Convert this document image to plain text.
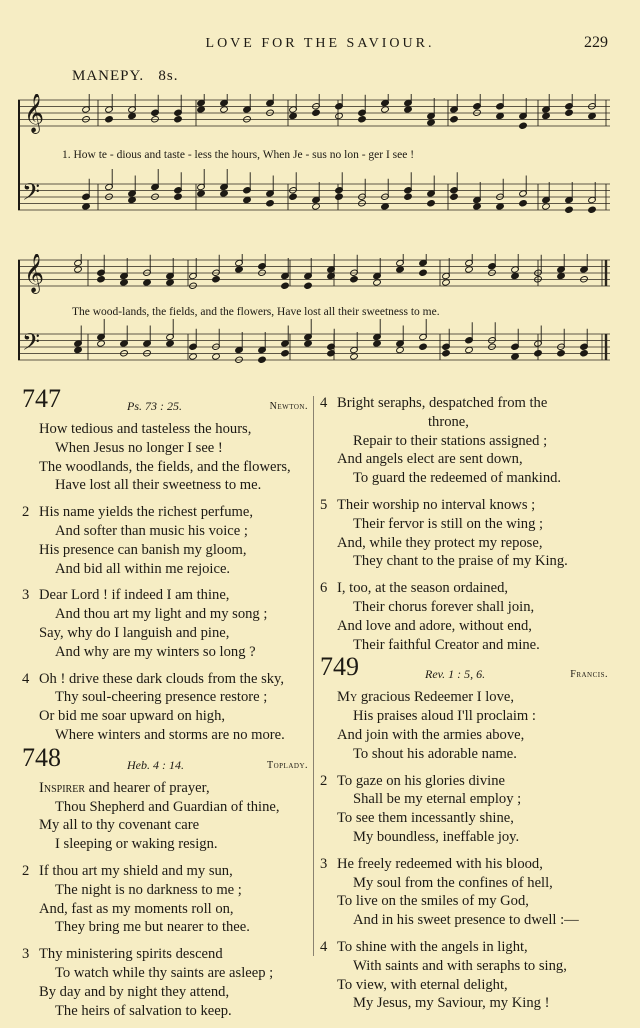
LOVE FOR THE SAVIOUR.	229
MANEPY. 8s.
𝄞
𝄢
1. How te - dious and taste - less the hours, When Je - sus no lon - ger I see !
𝄞
𝄢
The wood-lands, the fields, and the flowers, Have lost all their sweetness to me.
747	Ps. 73 : 25.	Newton.
How tedious and tasteless the hours,
When Jesus no longer I see !
The woodlands, the fields, and the flowers,
Have lost all their sweetness to me.
2 His name yields the richest perfume,
And softer than music his voice ;
His presence can banish my gloom,
And bid all within me rejoice.
3 Dear Lord ! if indeed I am thine,
And thou art my light and my song ;
Say, why do I languish and pine,
And why are my winters so long ?
4 Oh ! drive these dark clouds from the sky,
Thy soul-cheering presence restore ;
Or bid me soar upward on high,
Where winters and storms are no more.
748	Heb. 4 : 14.	Toplady.
Inspirer and hearer of prayer,
Thou Shepherd and Guardian of thine,
My all to thy covenant care
I sleeping or waking resign.
2 If thou art my shield and my sun,
The night is no darkness to me ;
And, fast as my moments roll on,
They bring me but nearer to thee.
3 Thy ministering spirits descend
To watch while thy saints are asleep ;
By day and by night they attend,
The heirs of salvation to keep.
4 Bright seraphs, despatched from the
throne,
Repair to their stations assigned ;
And angels elect are sent down,
To guard the redeemed of mankind.
5 Their worship no interval knows ;
Their fervor is still on the wing ;
And, while they protect my repose,
They chant to the praise of my King.
6 I, too, at the season ordained,
Their chorus forever shall join,
And love and adore, without end,
Their faithful Creator and mine.
749	Rev. 1 : 5, 6.	Francis.
My gracious Redeemer I love,
His praises aloud I'll proclaim :
And join with the armies above,
To shout his adorable name.
2 To gaze on his glories divine
Shall be my eternal employ ;
To see them incessantly shine,
My boundless, ineffable joy.
3 He freely redeemed with his blood,
My soul from the confines of hell,
To live on the smiles of my God,
And in his sweet presence to dwell :—
4 To shine with the angels in light,
With saints and with seraphs to sing,
To view, with eternal delight,
My Jesus, my Saviour, my King !
